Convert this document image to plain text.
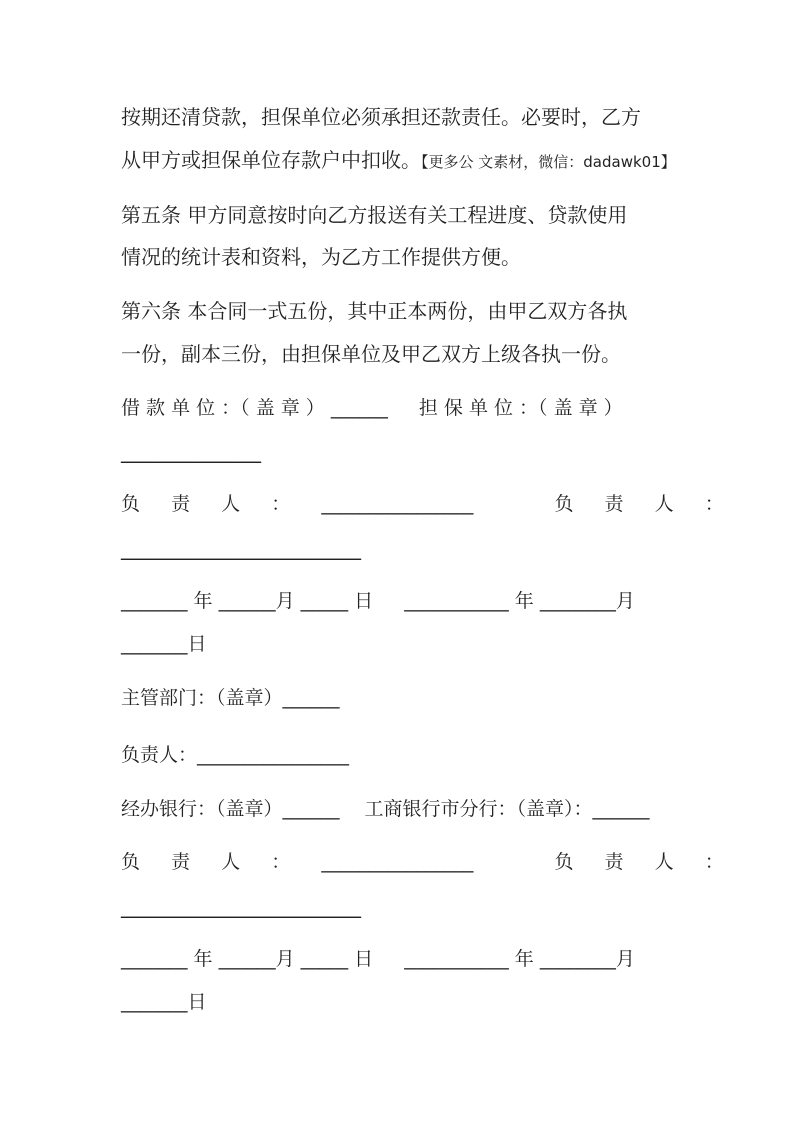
按期还清贷款，担保单位必须承担还款责任。必要时，乙方

从甲方或担保单位存款户中扣收。【更多公 文素材，微信：dadawk01】

第五条 甲方同意按时向乙方报送有关工程进度、贷款使用

情况的统计表和资料，为乙方工作提供方便。

第六条 本合同一式五份，其中正本两份，由甲乙双方各执

一份，副本三份，由担保单位及甲乙双方上级各执一份。

借 款 单 位 ：（ 盖 章 ） ______ 　 担 保 单 位 ：（ 盖 章 ）

______________

负 　 责 　 人 　 ： 　 ________________ 　 　 　 负 　 责 　 人 　 ：

________________________

_______ 年 ______月 _____ 日 　 ___________ 年 ________月

_______日

主管部门：（盖章）______

负责人：________________

经办银行：（盖章）______ 　工商银行市分行：（盖章）：______

负 　 责 　 人 　 ： 　 ________________ 　 　 　 负 　 责 　 人 　 ：

________________________

_______ 年 ______月 _____ 日 　 ___________ 年 ________月

_______日
